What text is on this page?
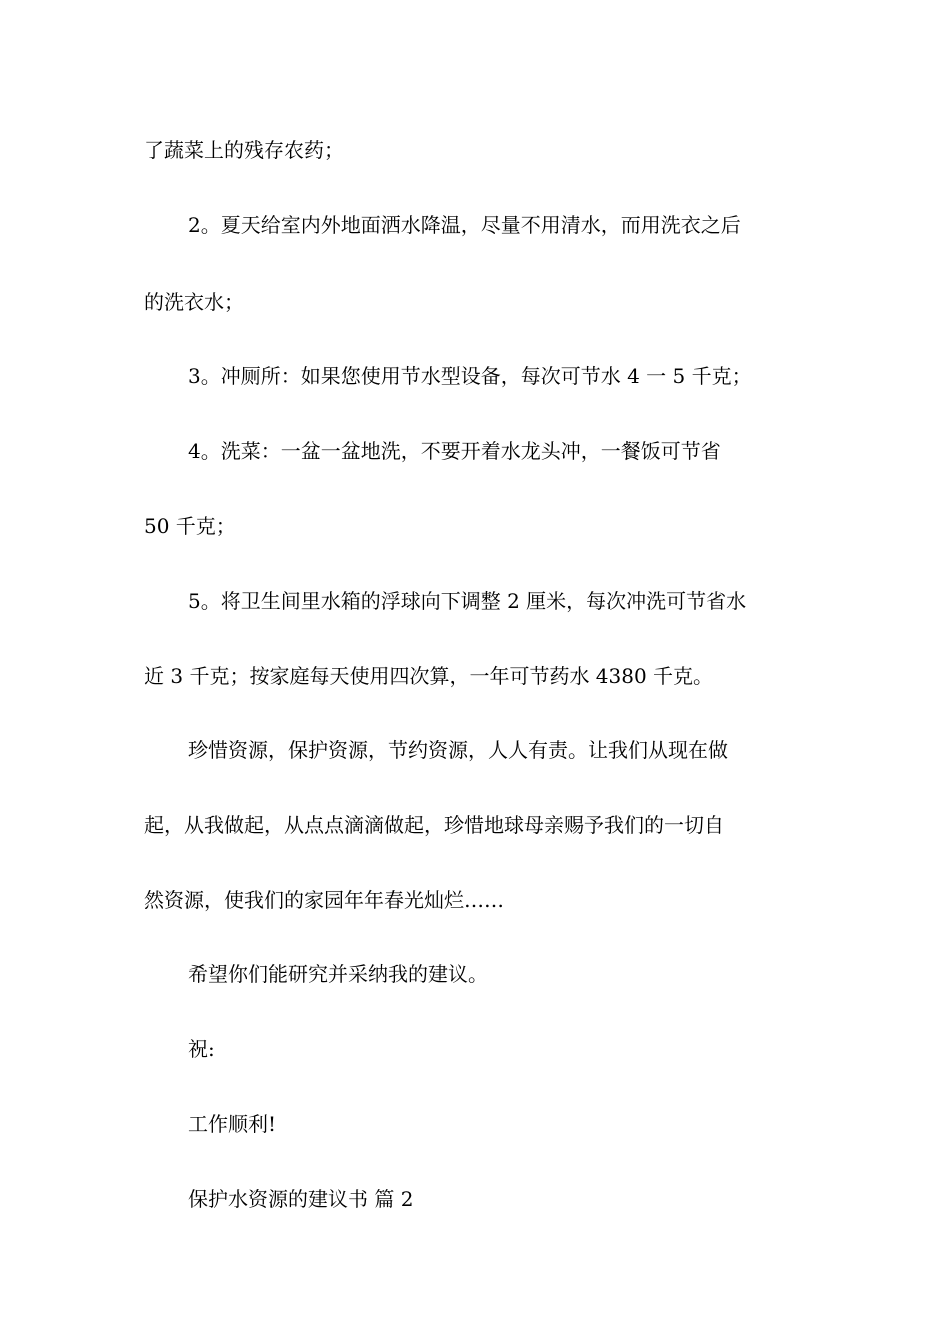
了蔬菜上的残存农药；
2。夏天给室内外地面洒水降温，尽量不用清水，而用洗衣之后
的洗衣水；
3。冲厕所：如果您使用节水型设备，每次可节水 4 一 5 千克；
4。洗菜：一盆一盆地洗，不要开着水龙头冲，一餐饭可节省
50 千克；
5。将卫生间里水箱的浮球向下调整 2 厘米，每次冲洗可节省水
近 3 千克；按家庭每天使用四次算，一年可节药水 4380 千克。
珍惜资源，保护资源，节约资源，人人有责。让我们从现在做
起，从我做起，从点点滴滴做起，珍惜地球母亲赐予我们的一切自
然资源，使我们的家园年年春光灿烂……
希望你们能研究并采纳我的建议。
祝:
工作顺利!
保护水资源的建议书 篇 2
